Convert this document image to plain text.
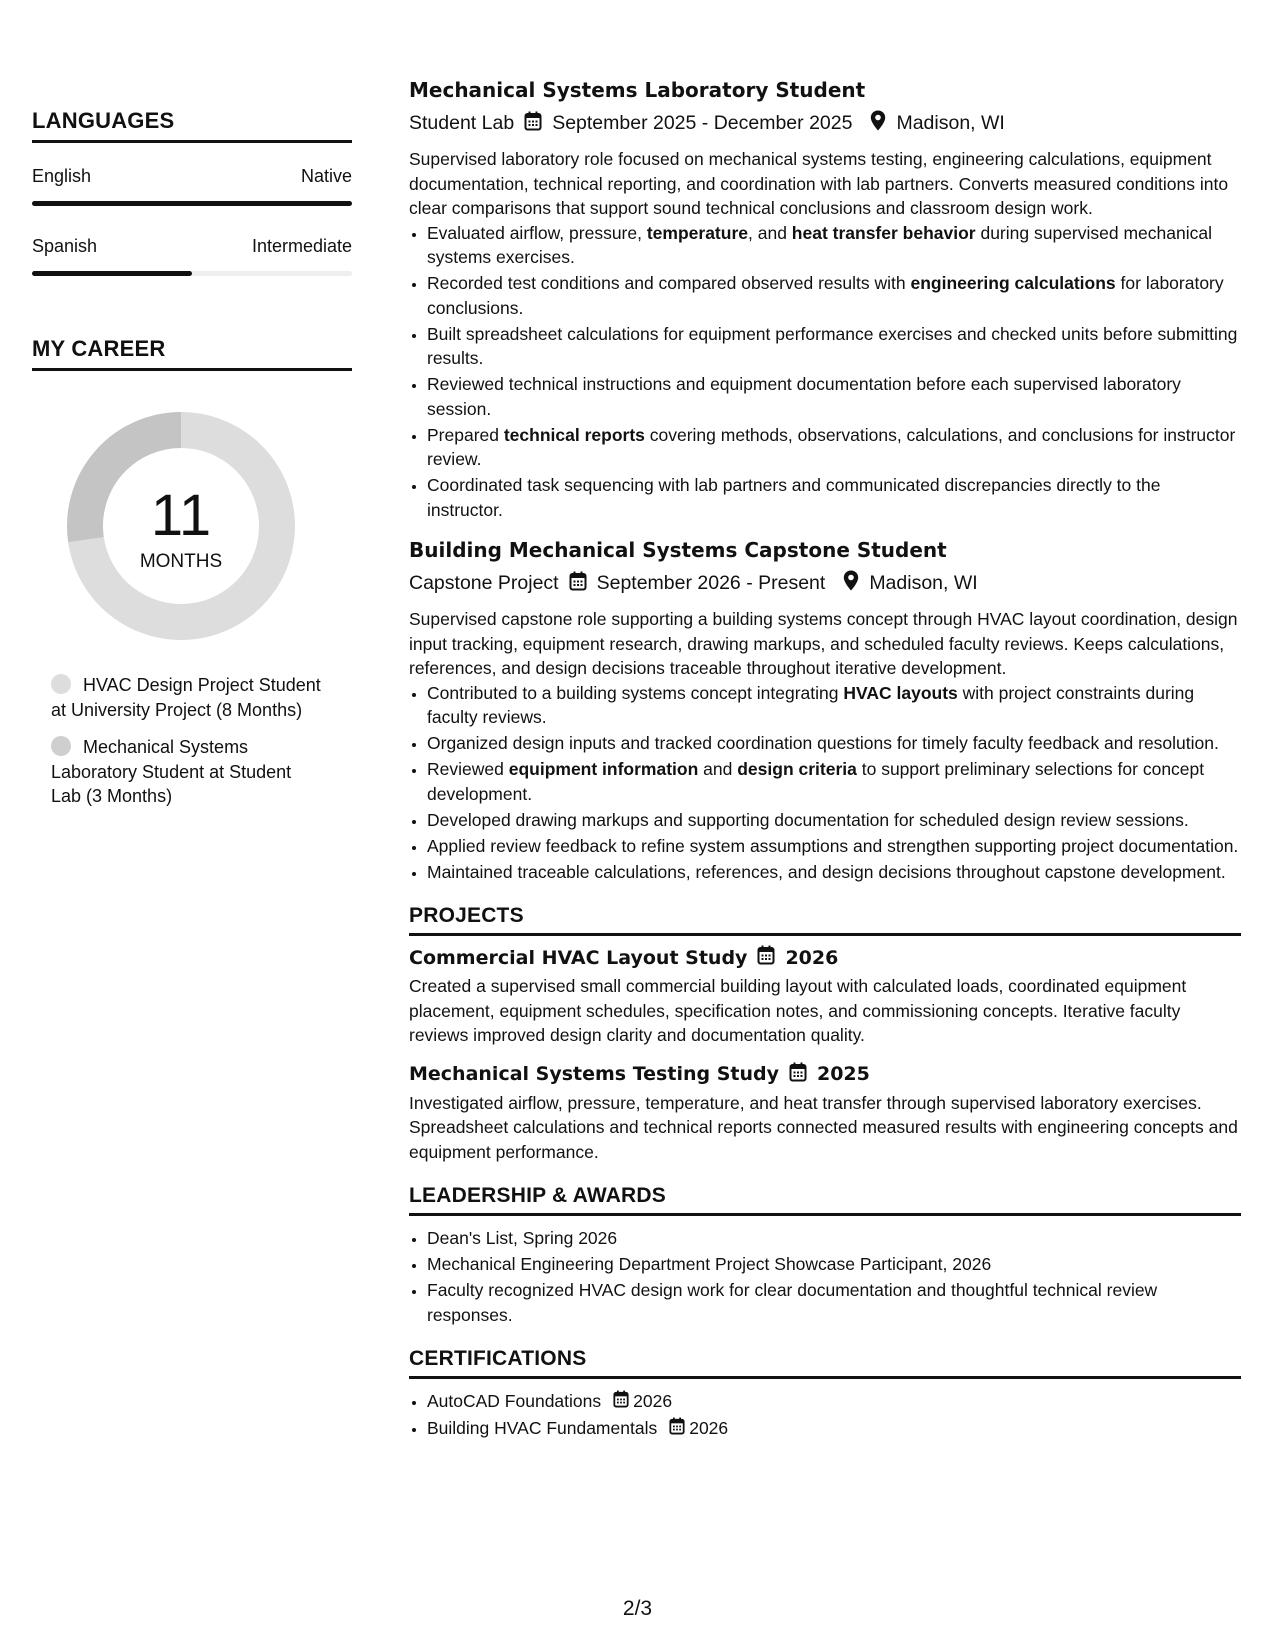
LANGUAGES
English	Native
Spanish	Intermediate
MY CAREER
11
MONTHS
HVAC Design Project Student at University Project (8 Months)
Mechanical Systems Laboratory Student at Student Lab (3 Months)
Mechanical Systems Laboratory Student
Student Lab September 2025 - December 2025 Madison, WI
Supervised laboratory role focused on mechanical systems testing, engineering calculations, equipment documentation, technical reporting, and coordination with lab partners. Converts measured conditions into clear comparisons that support sound technical conclusions and classroom design work.
• Evaluated airflow, pressure, temperature, and heat transfer behavior during supervised mechanical systems exercises.
• Recorded test conditions and compared observed results with engineering calculations for laboratory conclusions.
• Built spreadsheet calculations for equipment performance exercises and checked units before submitting results.
• Reviewed technical instructions and equipment documentation before each supervised laboratory session.
• Prepared technical reports covering methods, observations, calculations, and conclusions for instructor review.
• Coordinated task sequencing with lab partners and communicated discrepancies directly to the instructor.
Building Mechanical Systems Capstone Student
Capstone Project September 2026 - Present Madison, WI
Supervised capstone role supporting a building systems concept through HVAC layout coordination, design input tracking, equipment research, drawing markups, and scheduled faculty reviews. Keeps calculations, references, and design decisions traceable throughout iterative development.
• Contributed to a building systems concept integrating HVAC layouts with project constraints during faculty reviews.
• Organized design inputs and tracked coordination questions for timely faculty feedback and resolution.
• Reviewed equipment information and design criteria to support preliminary selections for concept development.
• Developed drawing markups and supporting documentation for scheduled design review sessions.
• Applied review feedback to refine system assumptions and strengthen supporting project documentation.
• Maintained traceable calculations, references, and design decisions throughout capstone development.
PROJECTS
Commercial HVAC Layout Study 2026
Created a supervised small commercial building layout with calculated loads, coordinated equipment placement, equipment schedules, specification notes, and commissioning concepts. Iterative faculty reviews improved design clarity and documentation quality.
Mechanical Systems Testing Study 2025
Investigated airflow, pressure, temperature, and heat transfer through supervised laboratory exercises. Spreadsheet calculations and technical reports connected measured results with engineering concepts and equipment performance.
LEADERSHIP & AWARDS
• Dean's List, Spring 2026
• Mechanical Engineering Department Project Showcase Participant, 2026
• Faculty recognized HVAC design work for clear documentation and thoughtful technical review responses.
CERTIFICATIONS
• AutoCAD Foundations 2026
• Building HVAC Fundamentals 2026
2/3
